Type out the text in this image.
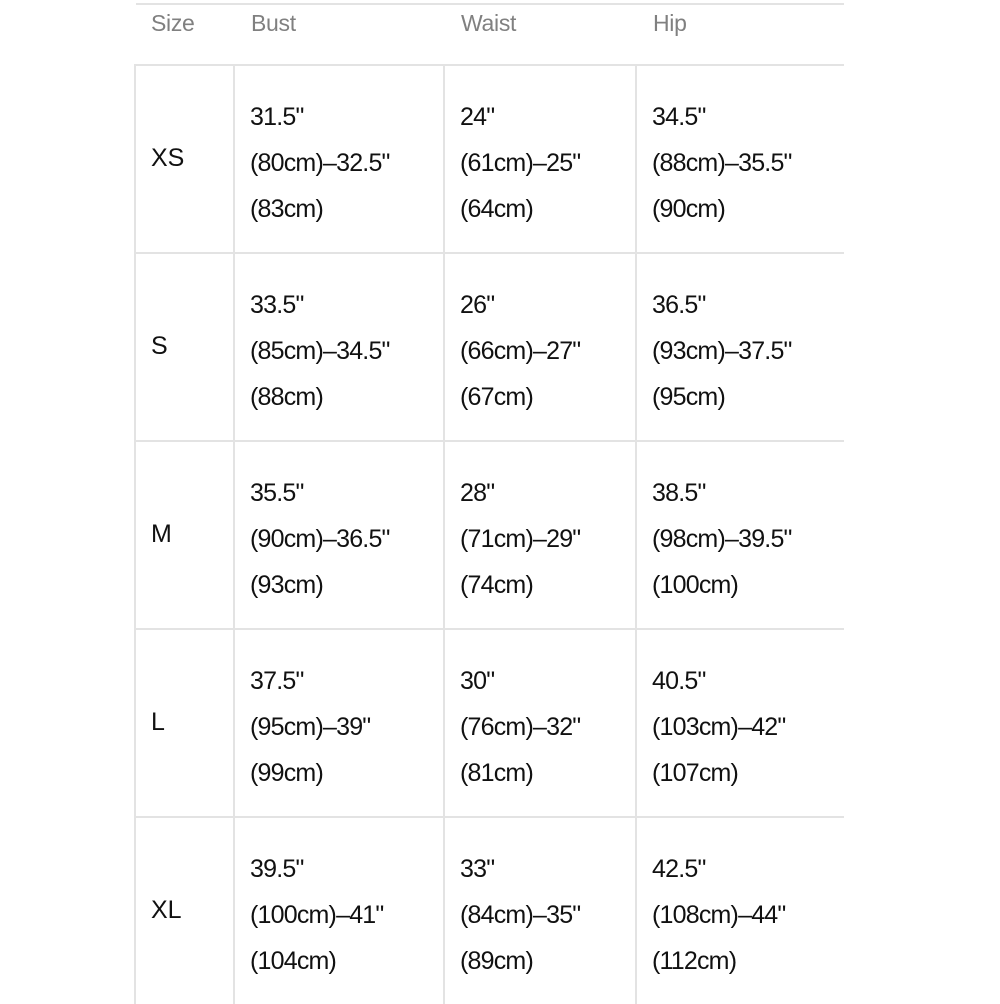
Size Bust	Waist	Hip
XS
31.5"
(80cm)–32.5"
(83cm)
24"
(61cm)–25"
(64cm)
34.5"
(88cm)–35.5"
(90cm)
S
33.5"
(85cm)–34.5"
(88cm)
26"
(66cm)–27"
(67cm)
36.5"
(93cm)–37.5"
(95cm)
M
35.5"
(90cm)–36.5"
(93cm)
28"
(71cm)–29"
(74cm)
38.5"
(98cm)–39.5"
(100cm)
L
37.5"
(95cm)–39"
(99cm)
30"
(76cm)–32"
(81cm)
40.5"
(103cm)–42"
(107cm)
XL
39.5"
(100cm)–41"
(104cm)
33"
(84cm)–35"
(89cm)
42.5"
(108cm)–44"
(112cm)
